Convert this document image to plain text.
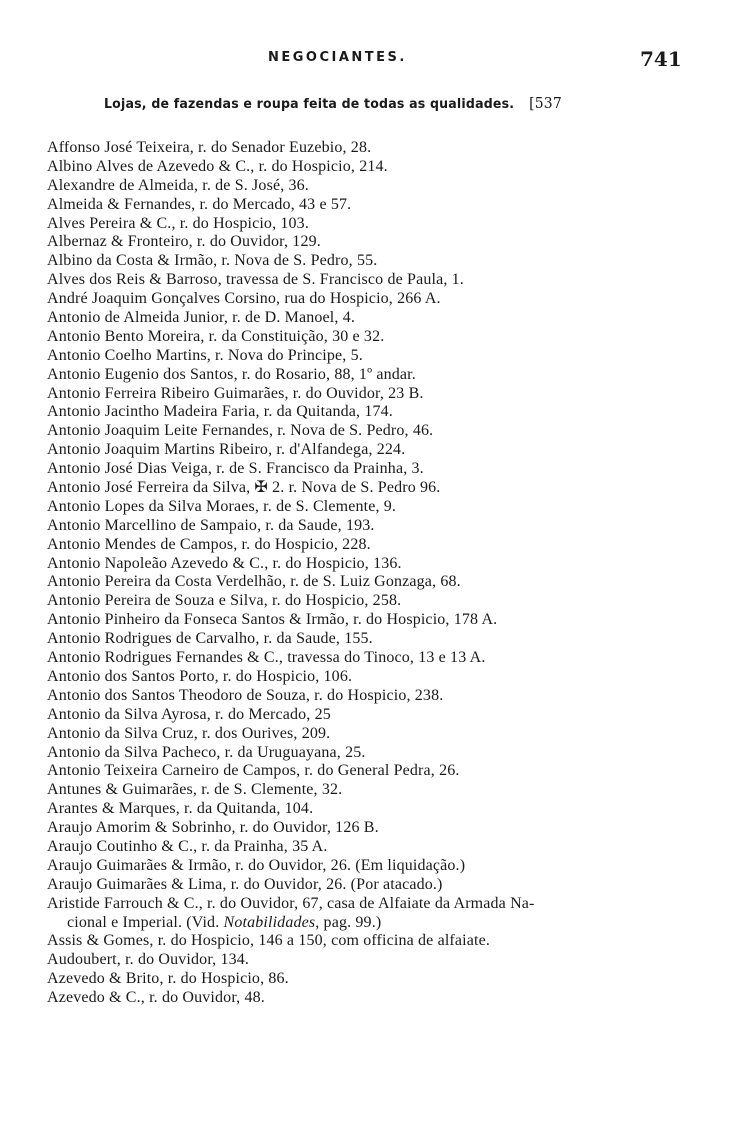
NEGOCIANTES.	741
Lojas, de fazendas e roupa feita de todas as qualidades. [537
Affonso José Teixeira, r. do Senador Euzebio, 28.
Albino Alves de Azevedo & C., r. do Hospicio, 214.
Alexandre de Almeida, r. de S. José, 36.
Almeida & Fernandes, r. do Mercado, 43 e 57.
Alves Pereira & C., r. do Hospicio, 103.
Albernaz & Fronteiro, r. do Ouvidor, 129.
Albino da Costa & Irmão, r. Nova de S. Pedro, 55.
Alves dos Reis & Barroso, travessa de S. Francisco de Paula, 1.
André Joaquim Gonçalves Corsino, rua do Hospicio, 266 A.
Antonio de Almeida Junior, r. de D. Manoel, 4.
Antonio Bento Moreira, r. da Constituição, 30 e 32.
Antonio Coelho Martins, r. Nova do Principe, 5.
Antonio Eugenio dos Santos, r. do Rosario, 88, 1º andar.
Antonio Ferreira Ribeiro Guimarães, r. do Ouvidor, 23 B.
Antonio Jacintho Madeira Faria, r. da Quitanda, 174.
Antonio Joaquim Leite Fernandes, r. Nova de S. Pedro, 46.
Antonio Joaquim Martins Ribeiro, r. d'Alfandega, 224.
Antonio José Dias Veiga, r. de S. Francisco da Prainha, 3.
Antonio José Ferreira da Silva, ✠ 2. r. Nova de S. Pedro 96.
Antonio Lopes da Silva Moraes, r. de S. Clemente, 9.
Antonio Marcellino de Sampaio, r. da Saude, 193.
Antonio Mendes de Campos, r. do Hospicio, 228.
Antonio Napoleão Azevedo & C., r. do Hospicio, 136.
Antonio Pereira da Costa Verdelhão, r. de S. Luiz Gonzaga, 68.
Antonio Pereira de Souza e Silva, r. do Hospicio, 258.
Antonio Pinheiro da Fonseca Santos & Irmão, r. do Hospicio, 178 A.
Antonio Rodrigues de Carvalho, r. da Saude, 155.
Antonio Rodrigues Fernandes & C., travessa do Tinoco, 13 e 13 A.
Antonio dos Santos Porto, r. do Hospicio, 106.
Antonio dos Santos Theodoro de Souza, r. do Hospicio, 238.
Antonio da Silva Ayrosa, r. do Mercado, 25
Antonio da Silva Cruz, r. dos Ourives, 209.
Antonio da Silva Pacheco, r. da Uruguayana, 25.
Antonio Teixeira Carneiro de Campos, r. do General Pedra, 26.
Antunes & Guimarães, r. de S. Clemente, 32.
Arantes & Marques, r. da Quitanda, 104.
Araujo Amorim & Sobrinho, r. do Ouvidor, 126 B.
Araujo Coutinho & C., r. da Prainha, 35 A.
Araujo Guimarães & Irmão, r. do Ouvidor, 26. (Em liquidação.)
Araujo Guimarães & Lima, r. do Ouvidor, 26. (Por atacado.)
Aristide Farrouch & C., r. do Ouvidor, 67, casa de Alfaiate da Armada Na-
cional e Imperial. (Vid. Notabilidades, pag. 99.)
Assis & Gomes, r. do Hospicio, 146 a 150, com officina de alfaiate.
Audoubert, r. do Ouvidor, 134.
Azevedo & Brito, r. do Hospicio, 86.
Azevedo & C., r. do Ouvidor, 48.
